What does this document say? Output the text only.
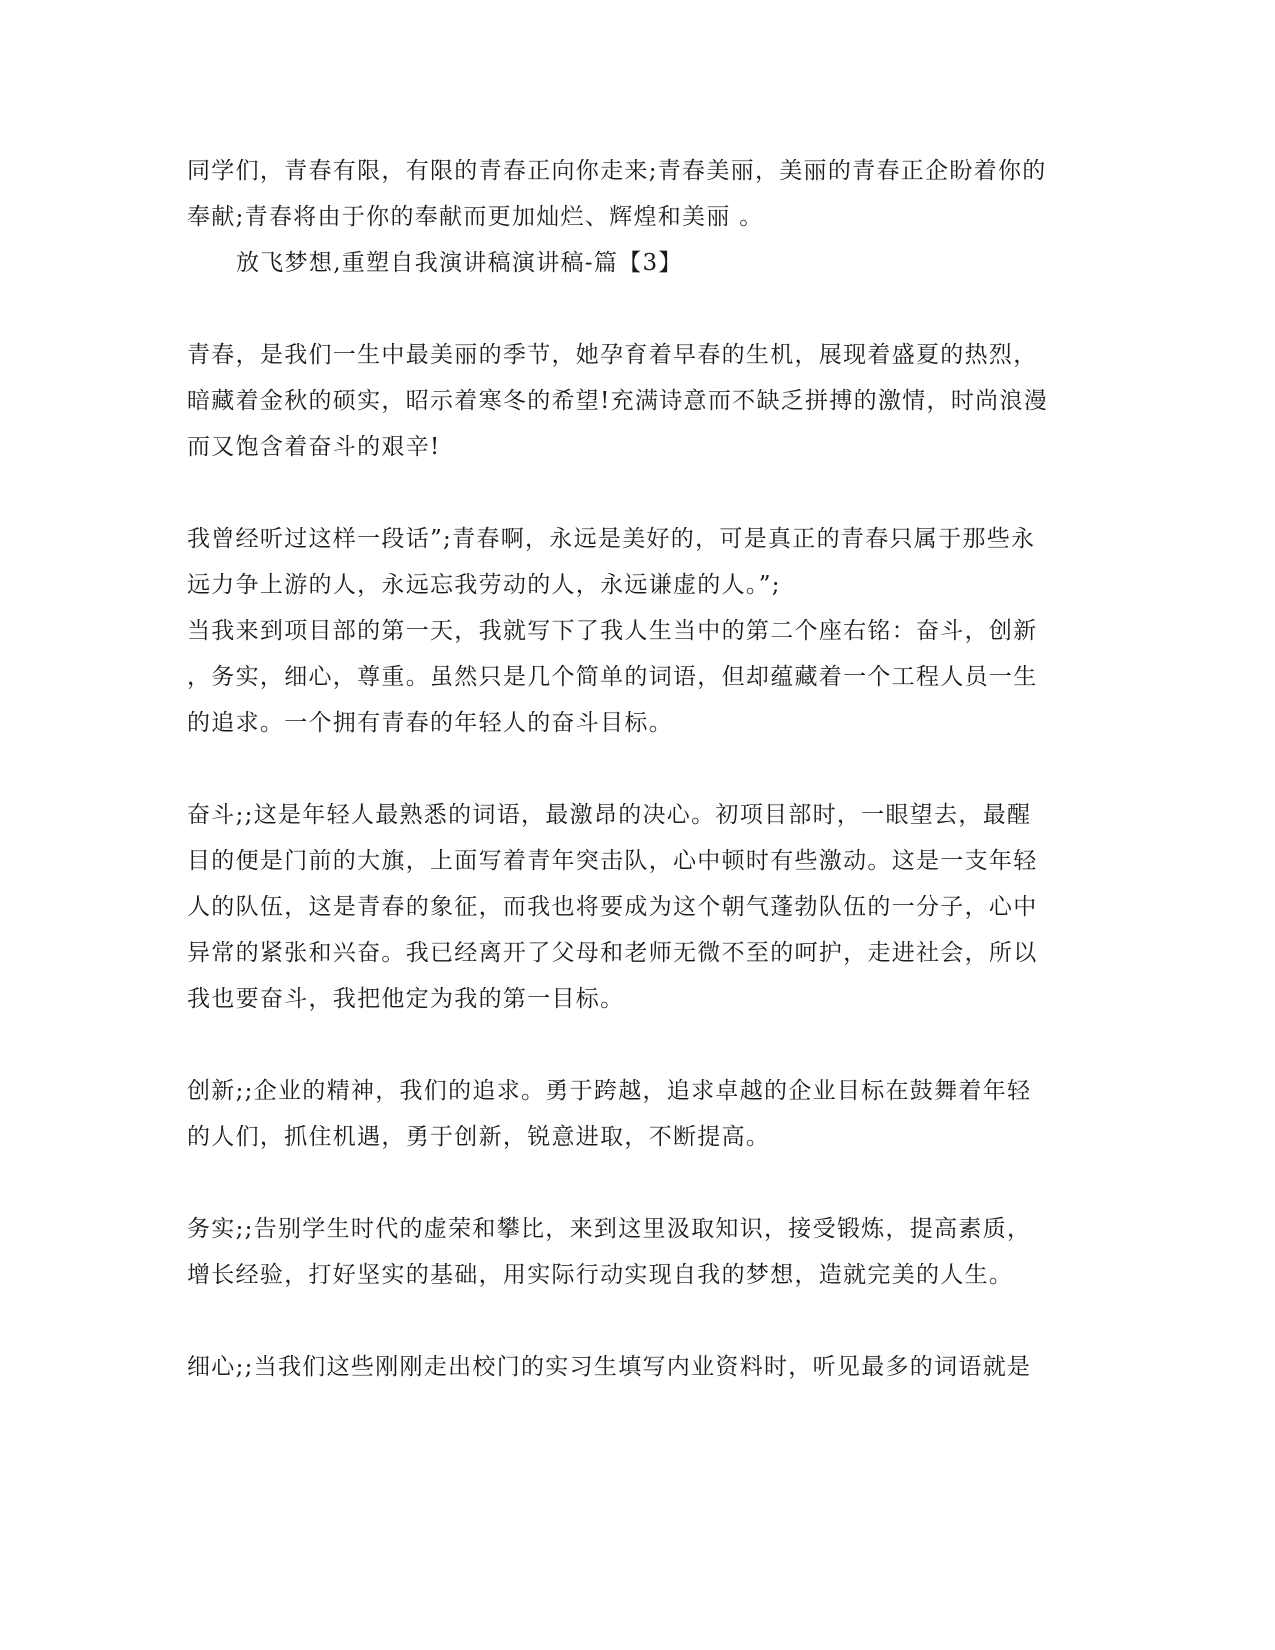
同学们，青春有限，有限的青春正向你走来;青春美丽，美丽的青春正企盼着你的
奉献;青春将由于你的奉献而更加灿烂、辉煌和美丽 。
放飞梦想,重塑自我演讲稿演讲稿-篇【3】
青春，是我们一生中最美丽的季节，她孕育着早春的生机，展现着盛夏的热烈，
暗藏着金秋的硕实，昭示着寒冬的希望!充满诗意而不缺乏拼搏的激情，时尚浪漫
而又饱含着奋斗的艰辛!
我曾经听过这样一段话”;青春啊，永远是美好的，可是真正的青春只属于那些永
远力争上游的人，永远忘我劳动的人，永远谦虚的人。”;
当我来到项目部的第一天，我就写下了我人生当中的第二个座右铭：奋斗，创新
，务实，细心，尊重。虽然只是几个简单的词语，但却蕴藏着一个工程人员一生
的追求。一个拥有青春的年轻人的奋斗目标。
奋斗;;这是年轻人最熟悉的词语，最激昂的决心。初项目部时，一眼望去，最醒
目的便是门前的大旗，上面写着青年突击队，心中顿时有些激动。这是一支年轻
人的队伍，这是青春的象征，而我也将要成为这个朝气蓬勃队伍的一分子，心中
异常的紧张和兴奋。我已经离开了父母和老师无微不至的呵护，走进社会，所以
我也要奋斗，我把他定为我的第一目标。
创新;;企业的精神，我们的追求。勇于跨越，追求卓越的企业目标在鼓舞着年轻
的人们，抓住机遇，勇于创新，锐意进取，不断提高。
务实;;告别学生时代的虚荣和攀比，来到这里汲取知识，接受锻炼，提高素质，
增长经验，打好坚实的基础，用实际行动实现自我的梦想，造就完美的人生。
细心;;当我们这些刚刚走出校门的实习生填写内业资料时，听见最多的词语就是
